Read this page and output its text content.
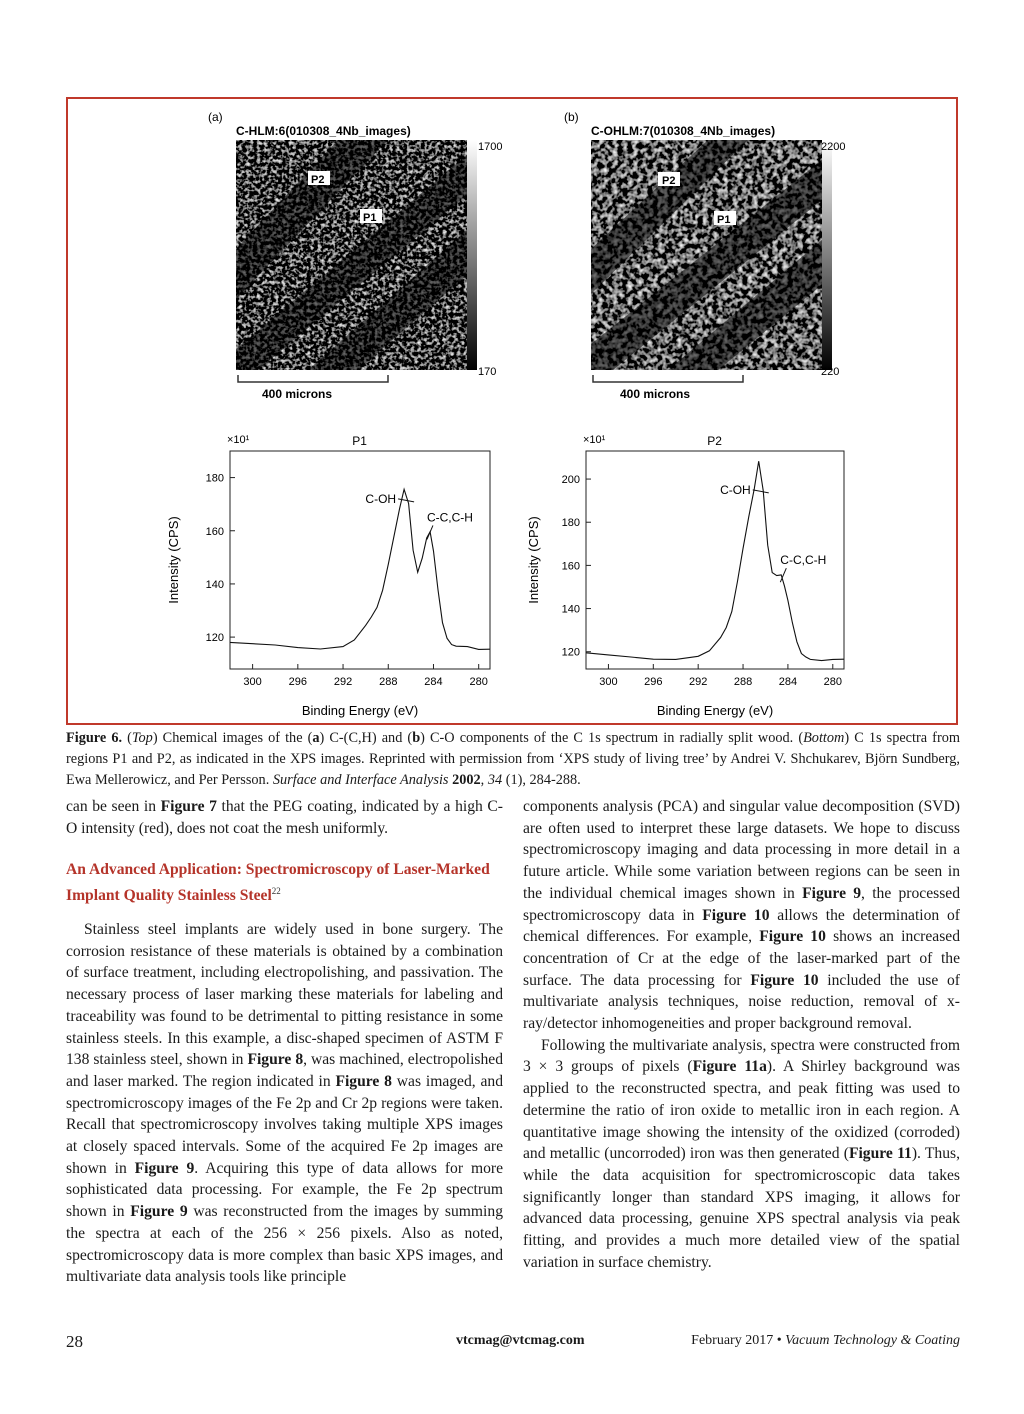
(a)
C-HLM:6(010308_4Nb_images)
1700
170
P2
P1
400 microns
(b)
C-OHLM:7(010308_4Nb_images)
2200
220
P2
P1
400 microns
P1
×10¹
300 296 292 288 284 280
120
140
160
180
Binding Energy (eV)
Intensity (CPS)
C-OH
C-C,C-H
P2
×10¹
300 296 292 288 284 280
120
140
160
180
200
Binding Energy (eV)
Intensity (CPS)
C-OH
C-C,C-H
Figure 6. (Top) Chemical images of the (a) C-(C,H) and (b) C-O components of the C 1s spectrum in radially split wood. (Bottom) C 1s spectra from regions P1 and P2, as indicated in the XPS images. Reprinted with permission from ‘XPS study of living tree’ by Andrei V. Shchukarev, Björn Sundberg, Ewa Mellerowicz, and Per Persson. Surface and Interface Analysis 2002, 34 (1), 284-288.

can be seen in Figure 7 that the PEG coating, indicated by a high C-O intensity (red), does not coat the mesh uniformly.

An Advanced Application: Spectromicroscopy of Laser-Marked Implant Quality Stainless Steel$^{22}$

Stainless steel implants are widely used in bone surgery. The corrosion resistance of these materials is obtained by a combination of surface treatment, including electropolishing, and passivation. The necessary process of laser marking these materials for labeling and traceability was found to be detrimental to pitting resistance in some stainless steels. In this example, a disc-shaped specimen of ASTM F 138 stainless steel, shown in Figure 8, was machined, electropolished and laser marked. The region indicated in Figure 8 was imaged, and spectromicroscopy images of the Fe 2p and Cr 2p regions were taken. Recall that spectromicroscopy involves taking multiple XPS images at closely spaced intervals. Some of the acquired Fe 2p images are shown in Figure 9. Acquiring this type of data allows for more sophisticated data processing. For example, the Fe 2p spectrum shown in Figure 9 was reconstructed from the images by summing the spectra at each of the 256 × 256 pixels. Also as noted, spectromicroscopy data is more complex than basic XPS images, and multivariate data analysis tools like principle

components analysis (PCA) and singular value decomposition (SVD) are often used to interpret these large datasets. We hope to discuss spectromicroscopy imaging and data processing in more detail in a future article. While some variation between regions can be seen in the individual chemical images shown in Figure 9, the processed spectromicroscopy data in Figure 10 allows the determination of chemical differences. For example, Figure 10 shows an increased concentration of Cr at the edge of the laser-marked part of the surface. The data processing for Figure 10 included the use of multivariate analysis techniques, noise reduction, removal of x-ray/detector inhomogeneities and proper background removal.

Following the multivariate analysis, spectra were constructed from 3 × 3 groups of pixels (Figure 11a). A Shirley background was applied to the reconstructed spectra, and peak fitting was used to determine the ratio of iron oxide to metallic iron in each region. A quantitative image showing the intensity of the oxidized (corroded) and metallic (uncorroded) iron was then generated (Figure 11). Thus, while the data acquisition for spectromicroscopic data takes significantly longer than standard XPS imaging, it allows for advanced data processing, genuine XPS spectral analysis via peak fitting, and provides a much more detailed view of the spatial variation in surface chemistry.

28	vtcmag@vtcmag.com	February 2017 • Vacuum Technology & Coating
